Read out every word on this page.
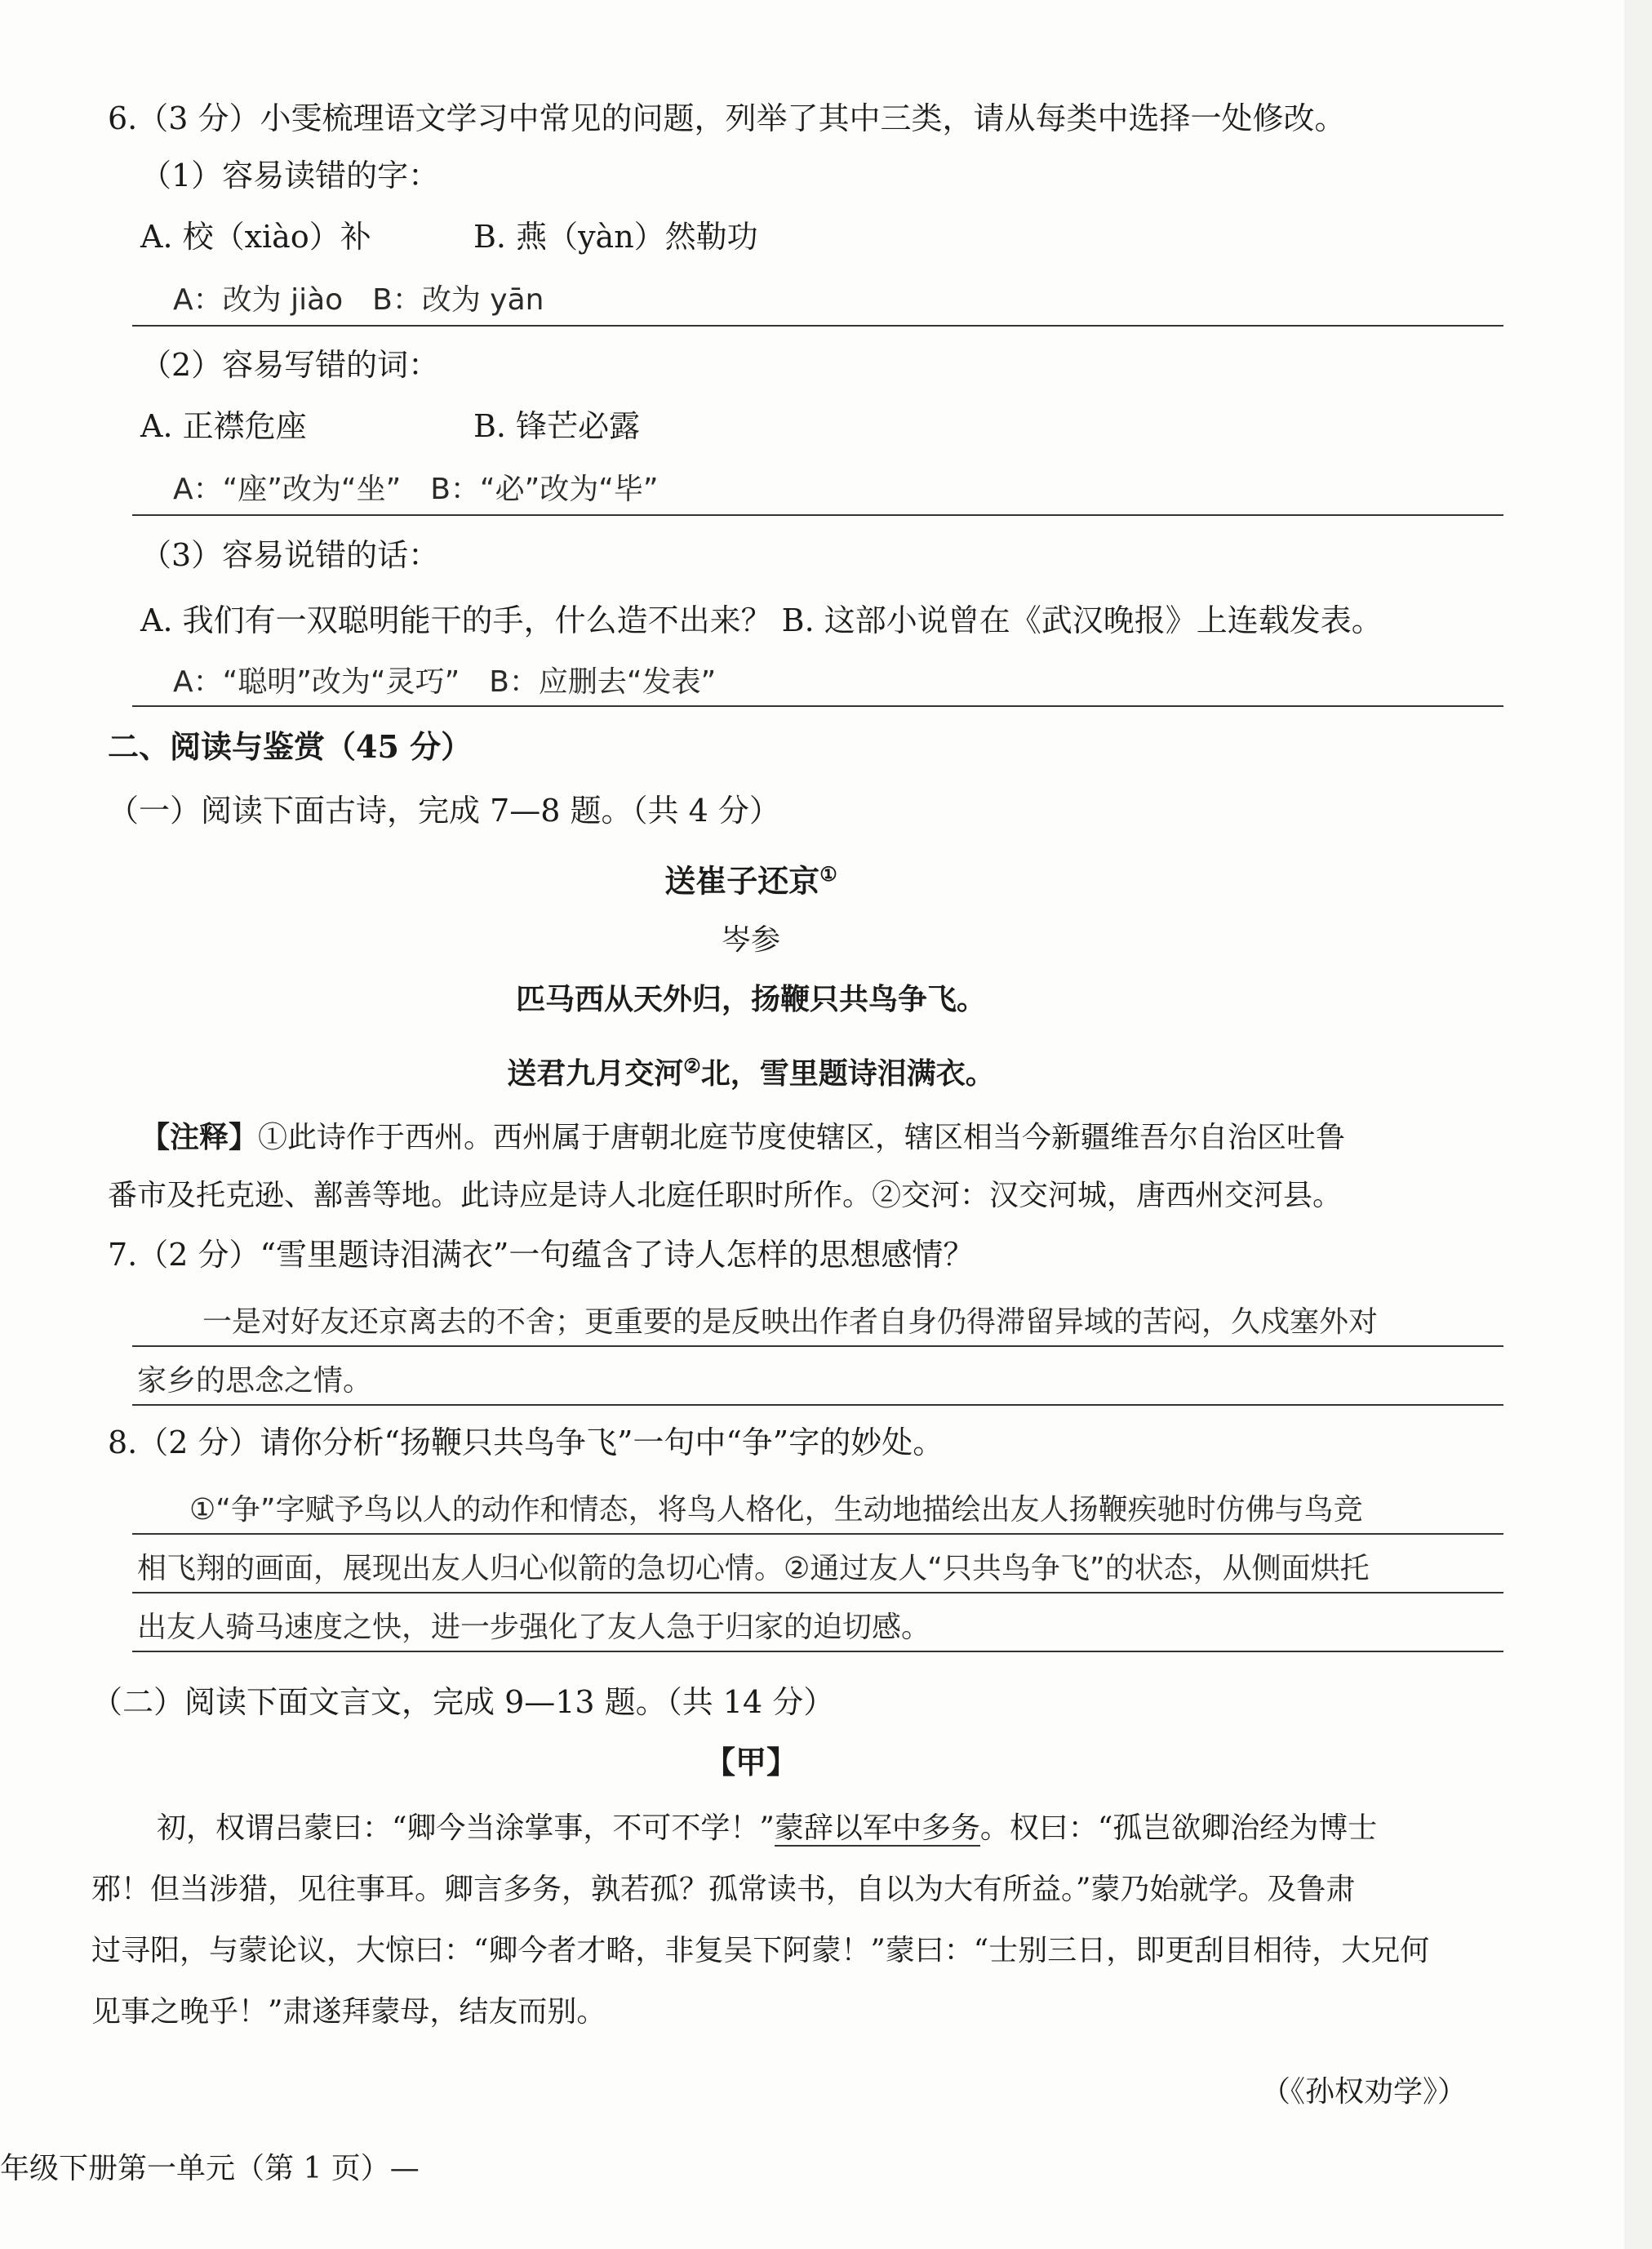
6.（3 分）小雯梳理语文学习中常见的问题，列举了其中三类，请从每类中选择一处修改。
（1）容易读错的字：
A. 校（xiào）补	B. 燕（yàn）然勒功
A：改为 jiào　B：改为 yān
（2）容易写错的词：
A. 正襟危座	B. 锋芒必露
A：“座”改为“坐”　B：“必”改为“毕”
（3）容易说错的话：
A. 我们有一双聪明能干的手，什么造不出来？ B. 这部小说曾在《武汉晚报》上连载发表。
A：“聪明”改为“灵巧”　B：应删去“发表”
二、阅读与鉴赏（45 分）
（一）阅读下面古诗，完成 7—8 题。（共 4 分）
送崔子还京①
岑参
匹马西从天外归，扬鞭只共鸟争飞。
送君九月交河②北，雪里题诗泪满衣。
【注释】①此诗作于西州。西州属于唐朝北庭节度使辖区，辖区相当今新疆维吾尔自治区吐鲁
番市及托克逊、鄯善等地。此诗应是诗人北庭任职时所作。②交河：汉交河城，唐西州交河县。
7.（2 分）“雪里题诗泪满衣”一句蕴含了诗人怎样的思想感情？
一是对好友还京离去的不舍；更重要的是反映出作者自身仍得滞留异域的苦闷，久戍塞外对
家乡的思念之情。
8.（2 分）请你分析“扬鞭只共鸟争飞”一句中“争”字的妙处。
①“争”字赋予鸟以人的动作和情态，将鸟人格化，生动地描绘出友人扬鞭疾驰时仿佛与鸟竞
相飞翔的画面，展现出友人归心似箭的急切心情。②通过友人“只共鸟争飞”的状态，从侧面烘托
出友人骑马速度之快，进一步强化了友人急于归家的迫切感。
（二）阅读下面文言文，完成 9—13 题。（共 14 分）
【甲】
初，权谓吕蒙曰：“卿今当涂掌事，不可不学！”蒙辞以军中多务。权曰：“孤岂欲卿治经为博士
邪！但当涉猎，见往事耳。卿言多务，孰若孤？孤常读书，自以为大有所益。”蒙乃始就学。及鲁肃
过寻阳，与蒙论议，大惊曰：“卿今者才略，非复吴下阿蒙！”蒙曰：“士别三日，即更刮目相待，大兄何
见事之晚乎！”肃遂拜蒙母，结友而别。
（《孙权劝学》）
年级下册第一单元（第 1 页）—
